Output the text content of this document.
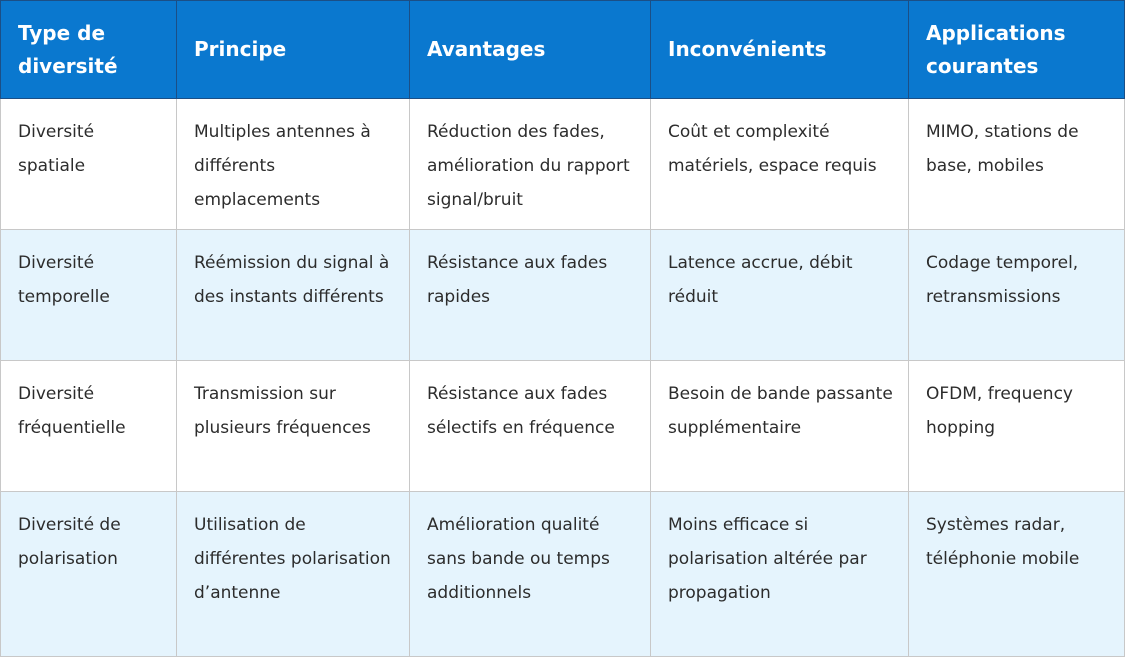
Type de diversité	Principe	Avantages	Inconvénients	Applications courantes
Diversité spatiale	Multiples antennes à différents emplacements	Réduction des fades, amélioration du rapport signal/bruit	Coût et complexité matériels, espace requis	MIMO, stations de base, mobiles
Diversité temporelle	Réémission du signal à des instants différents	Résistance aux fades rapides	Latence accrue, débit réduit	Codage temporel, retransmissions
Diversité fréquentielle	Transmission sur plusieurs fréquences	Résistance aux fades sélectifs en fréquence	Besoin de bande passante supplémentaire	OFDM, frequency hopping
Diversité de polarisation	Utilisation de différentes polarisation d’antenne	Amélioration qualité sans bande ou temps additionnels	Moins efficace si polarisation altérée par propagation	Systèmes radar, téléphonie mobile
